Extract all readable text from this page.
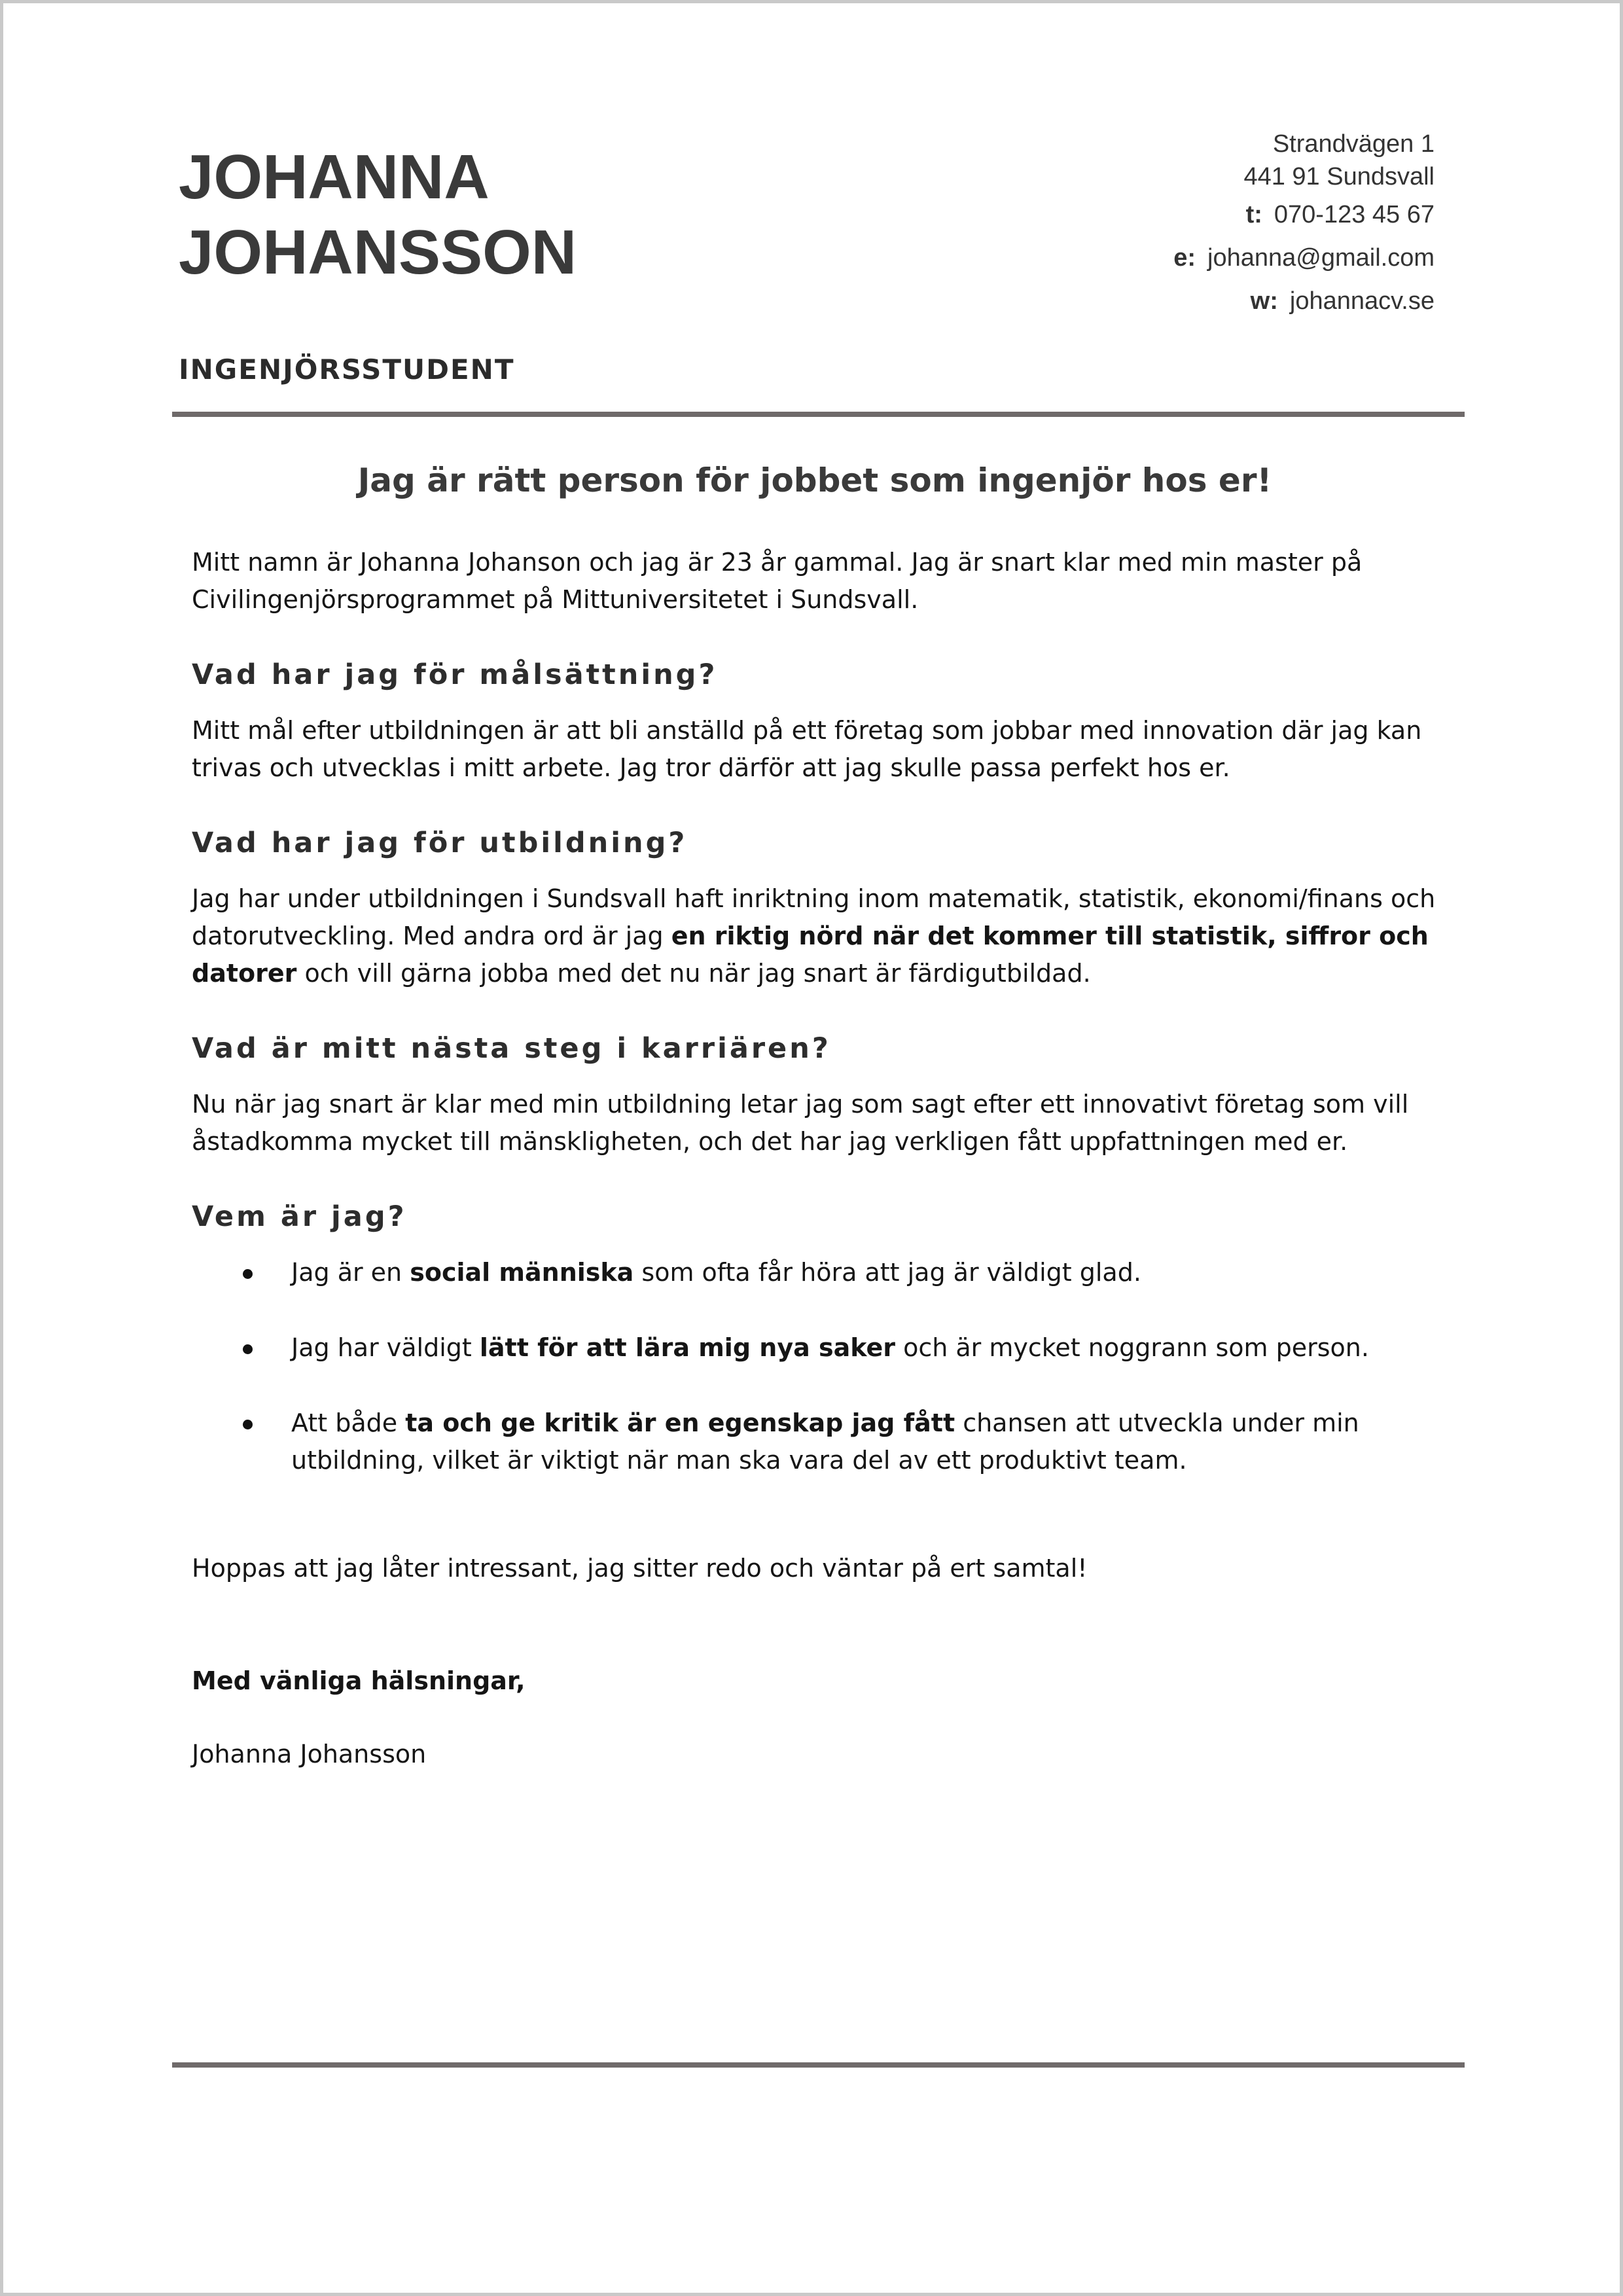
JOHANNA
JOHANSSON
Strandvägen 1
441 91 Sundsvall
t: 070-123 45 67
e: johanna@gmail.com
w: johannacv.se
INGENJÖRSSTUDENT
Jag är rätt person för jobbet som ingenjör hos er!

Mitt namn är Johanna Johanson och jag är 23 år gammal. Jag är snart klar med min master på Civilingenjörsprogrammet på Mittuniversitetet i Sundsvall.

Vad har jag för målsättning?

Mitt mål efter utbildningen är att bli anställd på ett företag som jobbar med innovation där jag kan trivas och utvecklas i mitt arbete. Jag tror därför att jag skulle passa perfekt hos er.

Vad har jag för utbildning?

Jag har under utbildningen i Sundsvall haft inriktning inom matematik, statistik, ekonomi/finans och datorutveckling. Med andra ord är jag en riktig nörd när det kommer till statistik, siffror och datorer och vill gärna jobba med det nu när jag snart är färdigutbildad.

Vad är mitt nästa steg i karriären?

Nu när jag snart är klar med min utbildning letar jag som sagt efter ett innovativt företag som vill åstadkomma mycket till mänskligheten, och det har jag verkligen fått uppfattningen med er.

Vem är jag?
Jag är en social människa som ofta får höra att jag är väldigt glad.
Jag har väldigt lätt för att lära mig nya saker och är mycket noggrann som person.
Att både ta och ge kritik är en egenskap jag fått chansen att utveckla under min utbildning, vilket är viktigt när man ska vara del av ett produktivt team.

Hoppas att jag låter intressant, jag sitter redo och väntar på ert samtal!

Med vänliga hälsningar,

Johanna Johansson
